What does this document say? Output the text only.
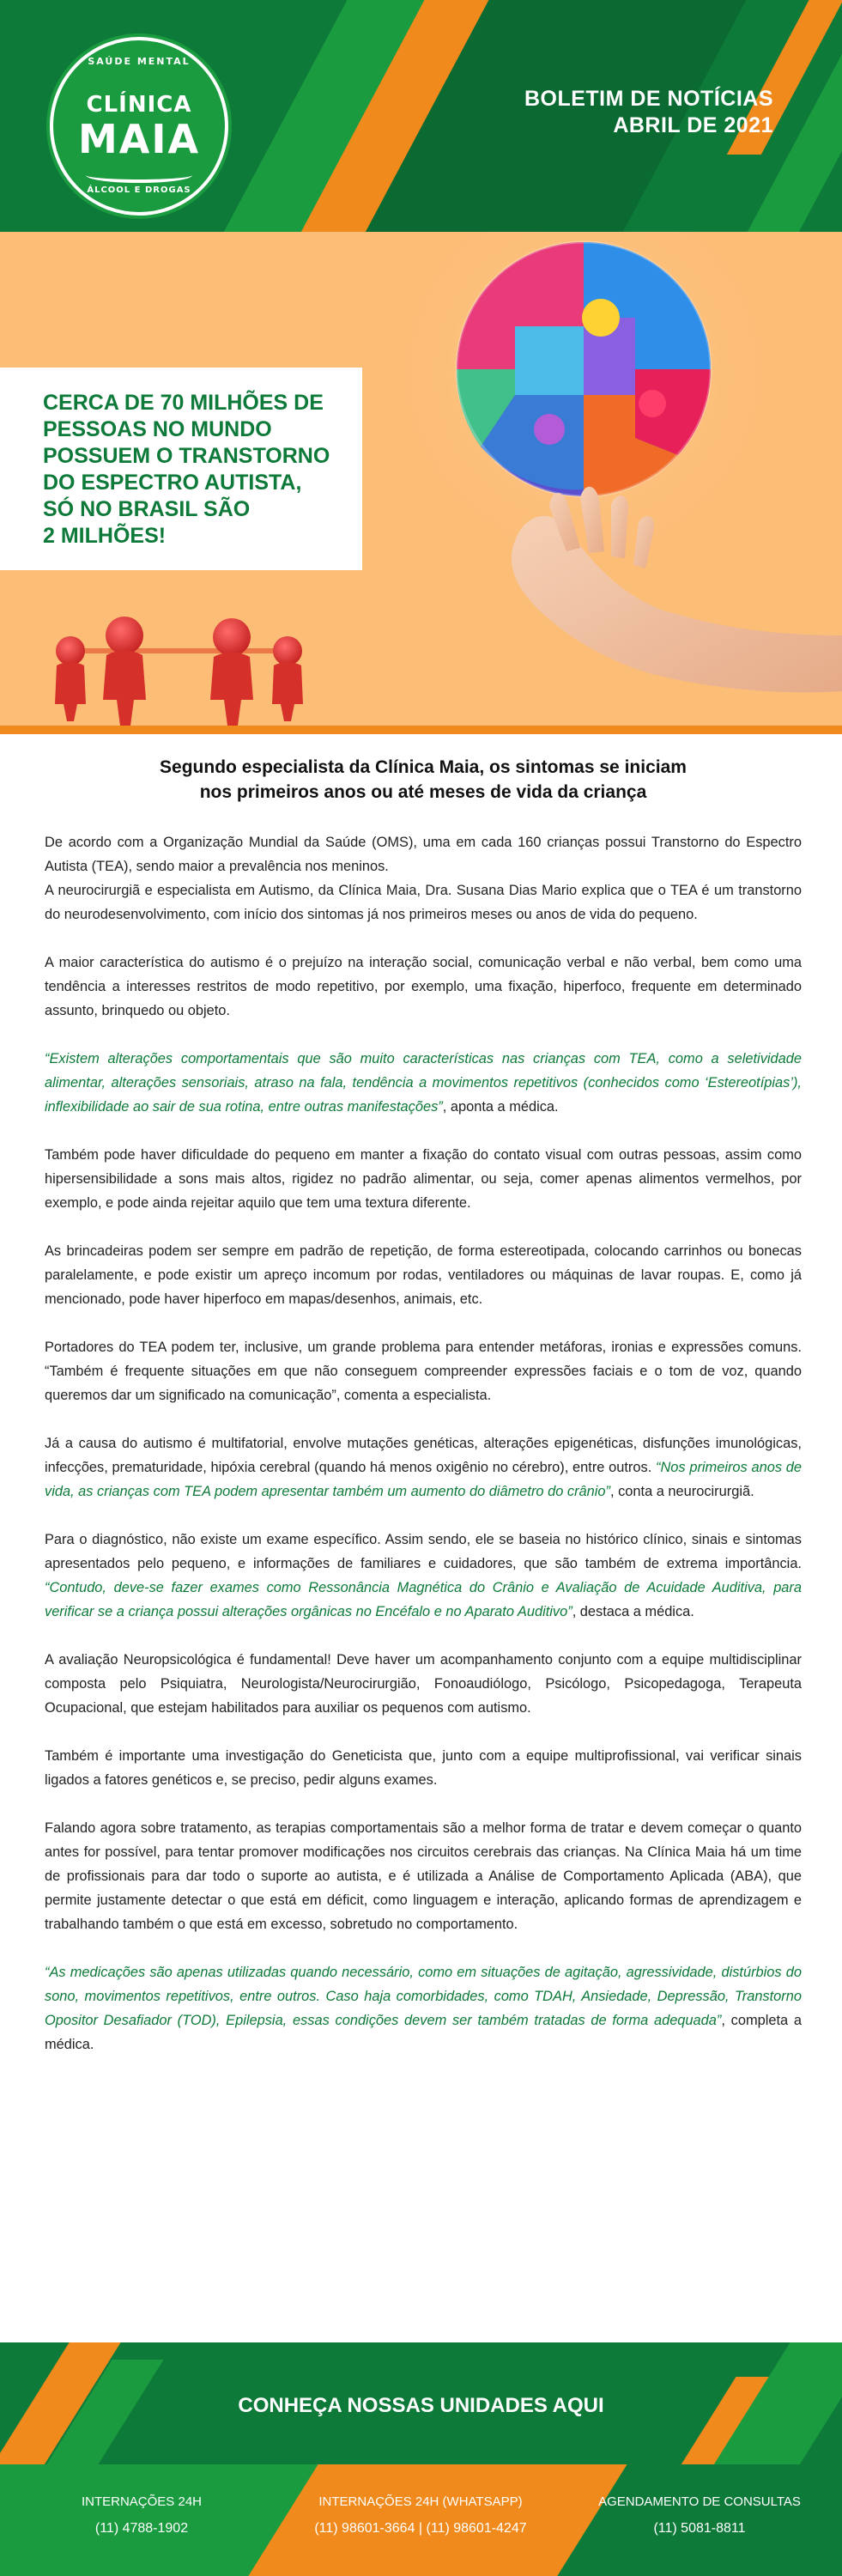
SAÚDE MENTAL
CLÍNICA
MAIA
ÁLCOOL E DROGAS
BOLETIM DE NOTÍCIAS
ABRIL DE 2021
CERCA DE 70 MILHÕES DE
PESSOAS NO MUNDO
POSSUEM O TRANSTORNO
DO ESPECTRO AUTISTA,
SÓ NO BRASIL SÃO
2 MILHÕES!
Segundo especialista da Clínica Maia, os sintomas se iniciam
nos primeiros anos ou até meses de vida da criança

De acordo com a Organização Mundial da Saúde (OMS), uma em cada 160 crianças possui Transtorno do Espectro Autista (TEA), sendo maior a prevalência nos meninos.

A neurocirurgiã e especialista em Autismo, da Clínica Maia, Dra. Susana Dias Mario explica que o TEA é um transtorno do neurodesenvolvimento, com início dos sintomas já nos primeiros meses ou anos de vida do pequeno.

A maior característica do autismo é o prejuízo na interação social, comunicação verbal e não verbal, bem como uma tendência a interesses restritos de modo repetitivo, por exemplo, uma fixação, hiperfoco, frequente em determinado assunto, brinquedo ou objeto.

“Existem alterações comportamentais que são muito características nas crianças com TEA, como a seletividade alimentar, alterações sensoriais, atraso na fala, tendência a movimentos repetitivos (conhecidos como ‘Estereotípias’), inflexibilidade ao sair de sua rotina, entre outras manifestações”, aponta a médica.

Também pode haver dificuldade do pequeno em manter a fixação do contato visual com outras pessoas, assim como hipersensibilidade a sons mais altos, rigidez no padrão alimentar, ou seja, comer apenas alimentos vermelhos, por exemplo, e pode ainda rejeitar aquilo que tem uma textura diferente.

As brincadeiras podem ser sempre em padrão de repetição, de forma estereotipada, colocando carrinhos ou bonecas paralelamente, e pode existir um apreço incomum por rodas, ventiladores ou máquinas de lavar roupas. E, como já mencionado, pode haver hiperfoco em mapas/desenhos, animais, etc.

Portadores do TEA podem ter, inclusive, um grande problema para entender metáforas, ironias e expressões comuns. “Também é frequente situações em que não conseguem compreender expressões faciais e o tom de voz, quando queremos dar um significado na comunicação”, comenta a especialista.

Já a causa do autismo é multifatorial, envolve mutações genéticas, alterações epigenéticas, disfunções imunológicas, infecções, prematuridade, hipóxia cerebral (quando há menos oxigênio no cérebro), entre outros. “Nos primeiros anos de vida, as crianças com TEA podem apresentar também um aumento do diâmetro do crânio”, conta a neurocirurgiã.

Para o diagnóstico, não existe um exame específico. Assim sendo, ele se baseia no histórico clínico, sinais e sintomas apresentados pelo pequeno, e informações de familiares e cuidadores, que são também de extrema importância. “Contudo, deve-se fazer exames como Ressonância Magnética do Crânio e Avaliação de Acuidade Auditiva, para verificar se a criança possui alterações orgânicas no Encéfalo e no Aparato Auditivo”, destaca a médica.

A avaliação Neuropsicológica é fundamental! Deve haver um acompanhamento conjunto com a equipe multidisciplinar composta pelo Psiquiatra, Neurologista/Neurocirurgião, Fonoaudiólogo, Psicólogo, Psicopedagoga, Terapeuta Ocupacional, que estejam habilitados para auxiliar os pequenos com autismo.

Também é importante uma investigação do Geneticista que, junto com a equipe multiprofissional, vai verificar sinais ligados a fatores genéticos e, se preciso, pedir alguns exames.

Falando agora sobre tratamento, as terapias comportamentais são a melhor forma de tratar e devem começar o quanto antes for possível, para tentar promover modificações nos circuitos cerebrais das crianças. Na Clínica Maia há um time de profissionais para dar todo o suporte ao autista, e é utilizada a Análise de Comportamento Aplicada (ABA), que permite justamente detectar o que está em déficit, como linguagem e interação, aplicando formas de aprendizagem e trabalhando também o que está em excesso, sobretudo no comportamento.

“As medicações são apenas utilizadas quando necessário, como em situações de agitação, agressividade, distúrbios do sono, movimentos repetitivos, entre outros. Caso haja comorbidades, como TDAH, Ansiedade, Depressão, Transtorno Opositor Desafiador (TOD), Epilepsia, essas condições devem ser também tratadas de forma adequada”, completa a médica.

CONHEÇA NOSSAS UNIDADES AQUI
INTERNAÇÕES 24H
(11) 4788-1902
INTERNAÇÕES 24H (WHATSAPP)
(11) 98601-3664 | (11) 98601-4247
AGENDAMENTO DE CONSULTAS
(11) 5081-8811
